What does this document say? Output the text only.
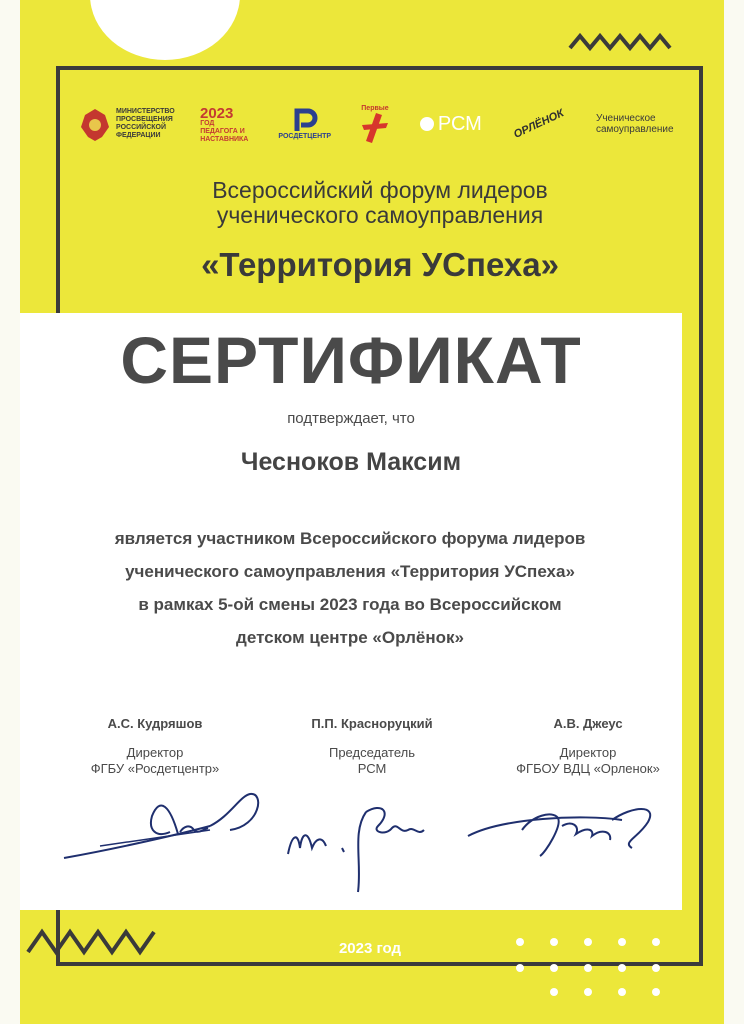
МИНИСТЕРСТВО ПРОСВЕЩЕНИЯ РОССИЙСКОЙ ФЕДЕРАЦИИ
2023
ГОД ПЕДАГОГА И НАСТАВНИКА	РОСДЕТЦЕНТР
Первые
РСМ	ОРЛЁНОК	Ученическое самоуправление
Всероссийский форум лидеров
ученического самоуправления
«Территория УСпеха»
СЕРТИФИКАТ
подтверждает, что
Чесноков Максим
является участником Всероссийского форума лидеров
ученического самоуправления «Территория УСпеха»
в рамках 5-ой смены 2023 года во Всероссийском
детском центре «Орлёнок»
А.С. Кудряшов
Директор
ФГБУ «Росдетцентр»
П.П. Красноруцкий
Председатель
РСМ
А.В. Джеус
Директор
ФГБОУ ВДЦ «Орленок»
2023 год
